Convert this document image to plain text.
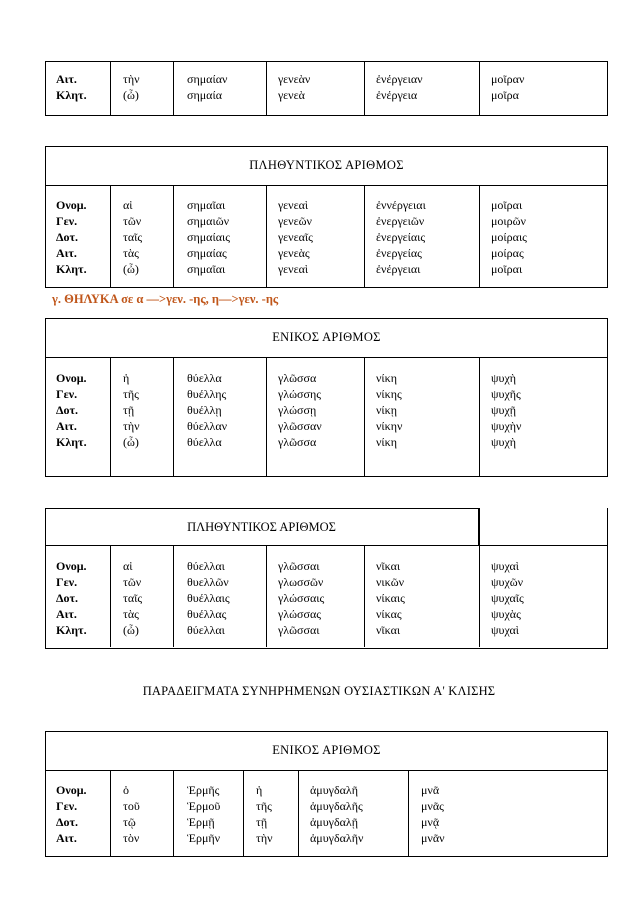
Αιτ.
Κλητ.
τὴν
(ὦ)
σημαίαν
σημαία
γενεὰν
γενεὰ
ἐνέργειαν
ἐνέργεια
μοῖραν
μοῖρα
ΠΛΗΘΥΝΤΙΚΟΣ ΑΡΙΘΜΟΣ
Ονομ.
Γεν.
Δοτ.
Αιτ.
Κλητ.
αἱ
τῶν
ταῖς
τὰς
(ὦ)
σημαῖαι
σημαιῶν
σημαίαις
σημαίας
σημαῖαι
γενεαὶ
γενεῶν
γενεαῖς
γενεὰς
γενεαὶ
ἐννέργειαι
ἐνεργειῶν
ἐνεργείαις
ἐνεργείας
ἐνέργειαι
μοῖραι
μοιρῶν
μοίραις
μοίρας
μοῖραι
γ. ΘΗΛΥΚΑ σε α —>γεν. -ης, η—>γεν. -ης
ΕΝΙΚΟΣ ΑΡΙΘΜΟΣ
Ονομ.
Γεν.
Δοτ.
Αιτ.
Κλητ.
ἡ
τῆς
τῇ
τὴν
(ὦ)
θύελλα
θυέλλης
θυέλλῃ
θύελλαν
θύελλα
γλῶσσα
γλώσσης
γλώσσῃ
γλῶσσαν
γλῶσσα
νίκη
νίκης
νίκῃ
νίκην
νίκη
ψυχὴ
ψυχῆς
ψυχῇ
ψυχὴν
ψυχὴ
ΠΛΗΘΥΝΤΙΚΟΣ ΑΡΙΘΜΟΣ
Ονομ.
Γεν.
Δοτ.
Αιτ.
Κλητ.
αἱ
τῶν
ταῖς
τὰς
(ὦ)
θύελλαι
θυελλῶν
θυέλλαις
θυέλλας
θύελλαι
γλῶσσαι
γλωσσῶν
γλώσσαις
γλώσσας
γλῶσσαι
νῖκαι
νικῶν
νίκαις
νίκας
νῖκαι
ψυχαὶ
ψυχῶν
ψυχαῖς
ψυχὰς
ψυχαὶ
ΠΑΡΑΔΕΙΓΜΑΤΑ ΣΥΝΗΡΗΜΕΝΩΝ ΟΥΣΙΑΣΤΙΚΩΝ Α' ΚΛΙΣΗΣ
ΕΝΙΚΟΣ ΑΡΙΘΜΟΣ
Ονομ.
Γεν.
Δοτ.
Αιτ.
ὁ
τοῦ
τῷ
τὸν
Ἑρμῆς
Ἑρμοῦ
Ἑρμῇ
Ἑρμῆν
ἡ
τῆς
τῇ
τὴν
ἀμυγδαλῆ
ἀμυγδαλῆς
ἀμυγδαλῇ
ἀμυγδαλῆν
μνᾶ
μνᾶς
μνᾷ
μνᾶν
